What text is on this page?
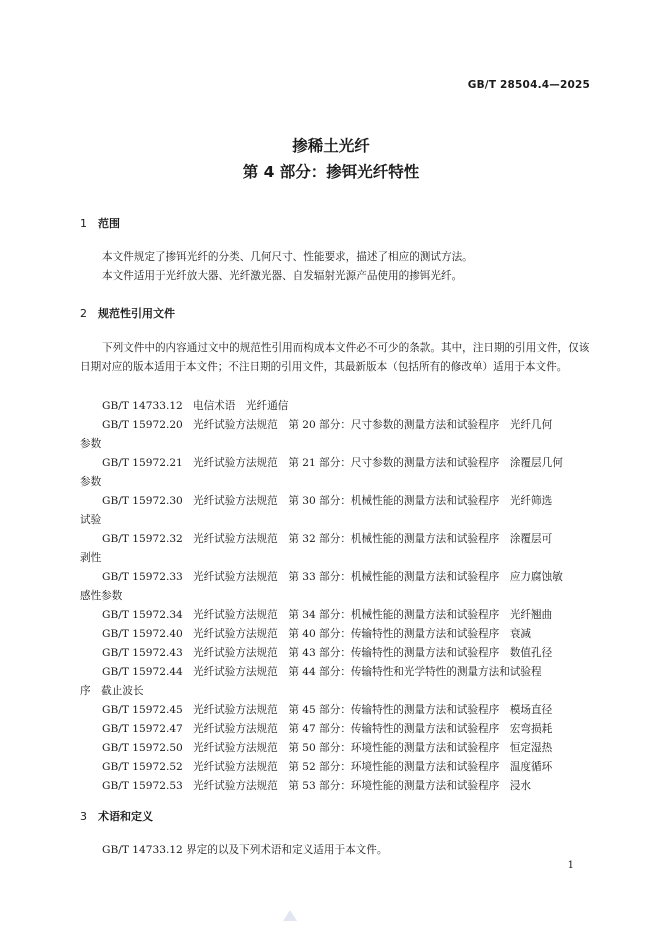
GB/T 28504.4—2025
掺稀土光纤
第 4 部分：掺铒光纤特性
1 范围
本文件规定了掺铒光纤的分类、几何尺寸、性能要求，描述了相应的测试方法。
本文件适用于光纤放大器、光纤激光器、自发辐射光源产品使用的掺铒光纤。
2 规范性引用文件
下列文件中的内容通过文中的规范性引用而构成本文件必不可少的条款。其中，注日期的引用文件，仅该日期对应的版本适用于本文件；不注日期的引用文件，其最新版本（包括所有的修改单）适用于本文件。
GB/T 14733.12 电信术语　光纤通信
GB/T 15972.20 光纤试验方法规范　第 20 部分：尺寸参数的测量方法和试验程序　光纤几何
参数
GB/T 15972.21 光纤试验方法规范　第 21 部分：尺寸参数的测量方法和试验程序　涂覆层几何
参数
GB/T 15972.30 光纤试验方法规范　第 30 部分：机械性能的测量方法和试验程序　光纤筛选
试验
GB/T 15972.32 光纤试验方法规范　第 32 部分：机械性能的测量方法和试验程序　涂覆层可
剥性
GB/T 15972.33 光纤试验方法规范　第 33 部分：机械性能的测量方法和试验程序　应力腐蚀敏
感性参数
GB/T 15972.34 光纤试验方法规范　第 34 部分：机械性能的测量方法和试验程序　光纤翘曲
GB/T 15972.40 光纤试验方法规范　第 40 部分：传输特性的测量方法和试验程序　衰减
GB/T 15972.43 光纤试验方法规范　第 43 部分：传输特性的测量方法和试验程序　数值孔径
GB/T 15972.44 光纤试验方法规范　第 44 部分：传输特性和光学特性的测量方法和试验程
序　截止波长
GB/T 15972.45 光纤试验方法规范　第 45 部分：传输特性的测量方法和试验程序　模场直径
GB/T 15972.47 光纤试验方法规范　第 47 部分：传输特性的测量方法和试验程序　宏弯损耗
GB/T 15972.50 光纤试验方法规范　第 50 部分：环境性能的测量方法和试验程序　恒定湿热
GB/T 15972.52 光纤试验方法规范　第 52 部分：环境性能的测量方法和试验程序　温度循环
GB/T 15972.53 光纤试验方法规范　第 53 部分：环境性能的测量方法和试验程序　浸水
3 术语和定义
GB/T 14733.12 界定的以及下列术语和定义适用于本文件。
1
